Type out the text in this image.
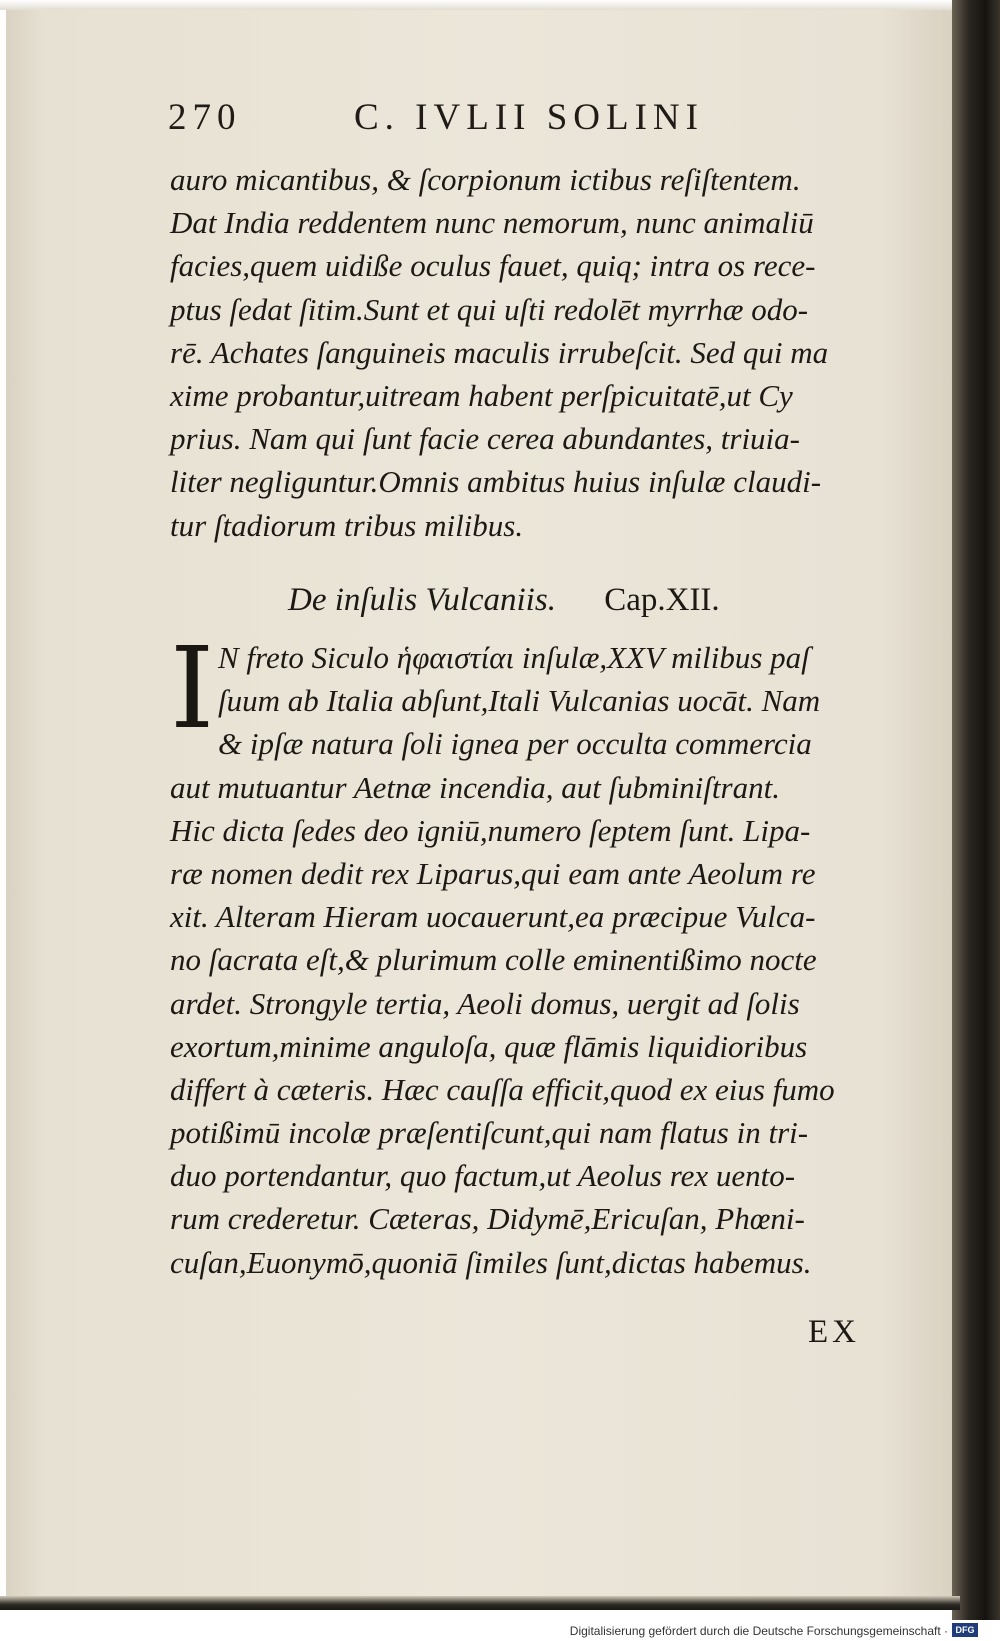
270	C. IVLII SOLINI
auro micantibus, & ſcorpionum ictibus reſiſtentem.
Dat India reddentem nunc nemorum, nunc animaliū
facies,quem uidiße oculus fauet, quiq; intra os rece-
ptus ſedat ſitim.Sunt et qui uſti redolēt myrrhæ odo-
rē. Achates ſanguineis maculis irrubeſcit. Sed qui ma
xime probantur,uitream habent perſpicuitatē,ut Cy
prius. Nam qui ſunt facie cerea abundantes, triuia-
liter negliguntur.Omnis ambitus huius inſulæ claudi-
tur ſtadiorum tribus milibus.
De inſulis Vulcaniis. Cap.XII.
I N freto Siculo ἡφαιστίαι inſulæ,XXV milibus paſ
ſuum ab Italia abſunt,Itali Vulcanias uocāt. Nam
& ipſæ natura ſoli ignea per occulta commercia
aut mutuantur Aetnæ incendia, aut ſubminiſtrant.
Hic dicta ſedes deo igniū,numero ſeptem ſunt. Lipa-
ræ nomen dedit rex Liparus,qui eam ante Aeolum re
xit. Alteram Hieram uocauerunt,ea præcipue Vulca-
no ſacrata eſt,& plurimum colle eminentißimo nocte
ardet. Strongyle tertia, Aeoli domus, uergit ad ſolis
exortum,minime anguloſa, quæ flāmis liquidioribus
differt à cæteris. Hæc cauſſa efficit,quod ex eius fumo
potißimū incolæ præſentiſcunt,qui nam flatus in tri-
duo portendantur, quo factum,ut Aeolus rex uento-
rum crederetur. Cæteras, Didymē,Ericuſan, Phœni-
cuſan,Euonymō,quoniā ſimiles ſunt,dictas habemus.
EX
Digitalisierung gefördert durch die Deutsche Forschungsgemeinschaft · DFG
